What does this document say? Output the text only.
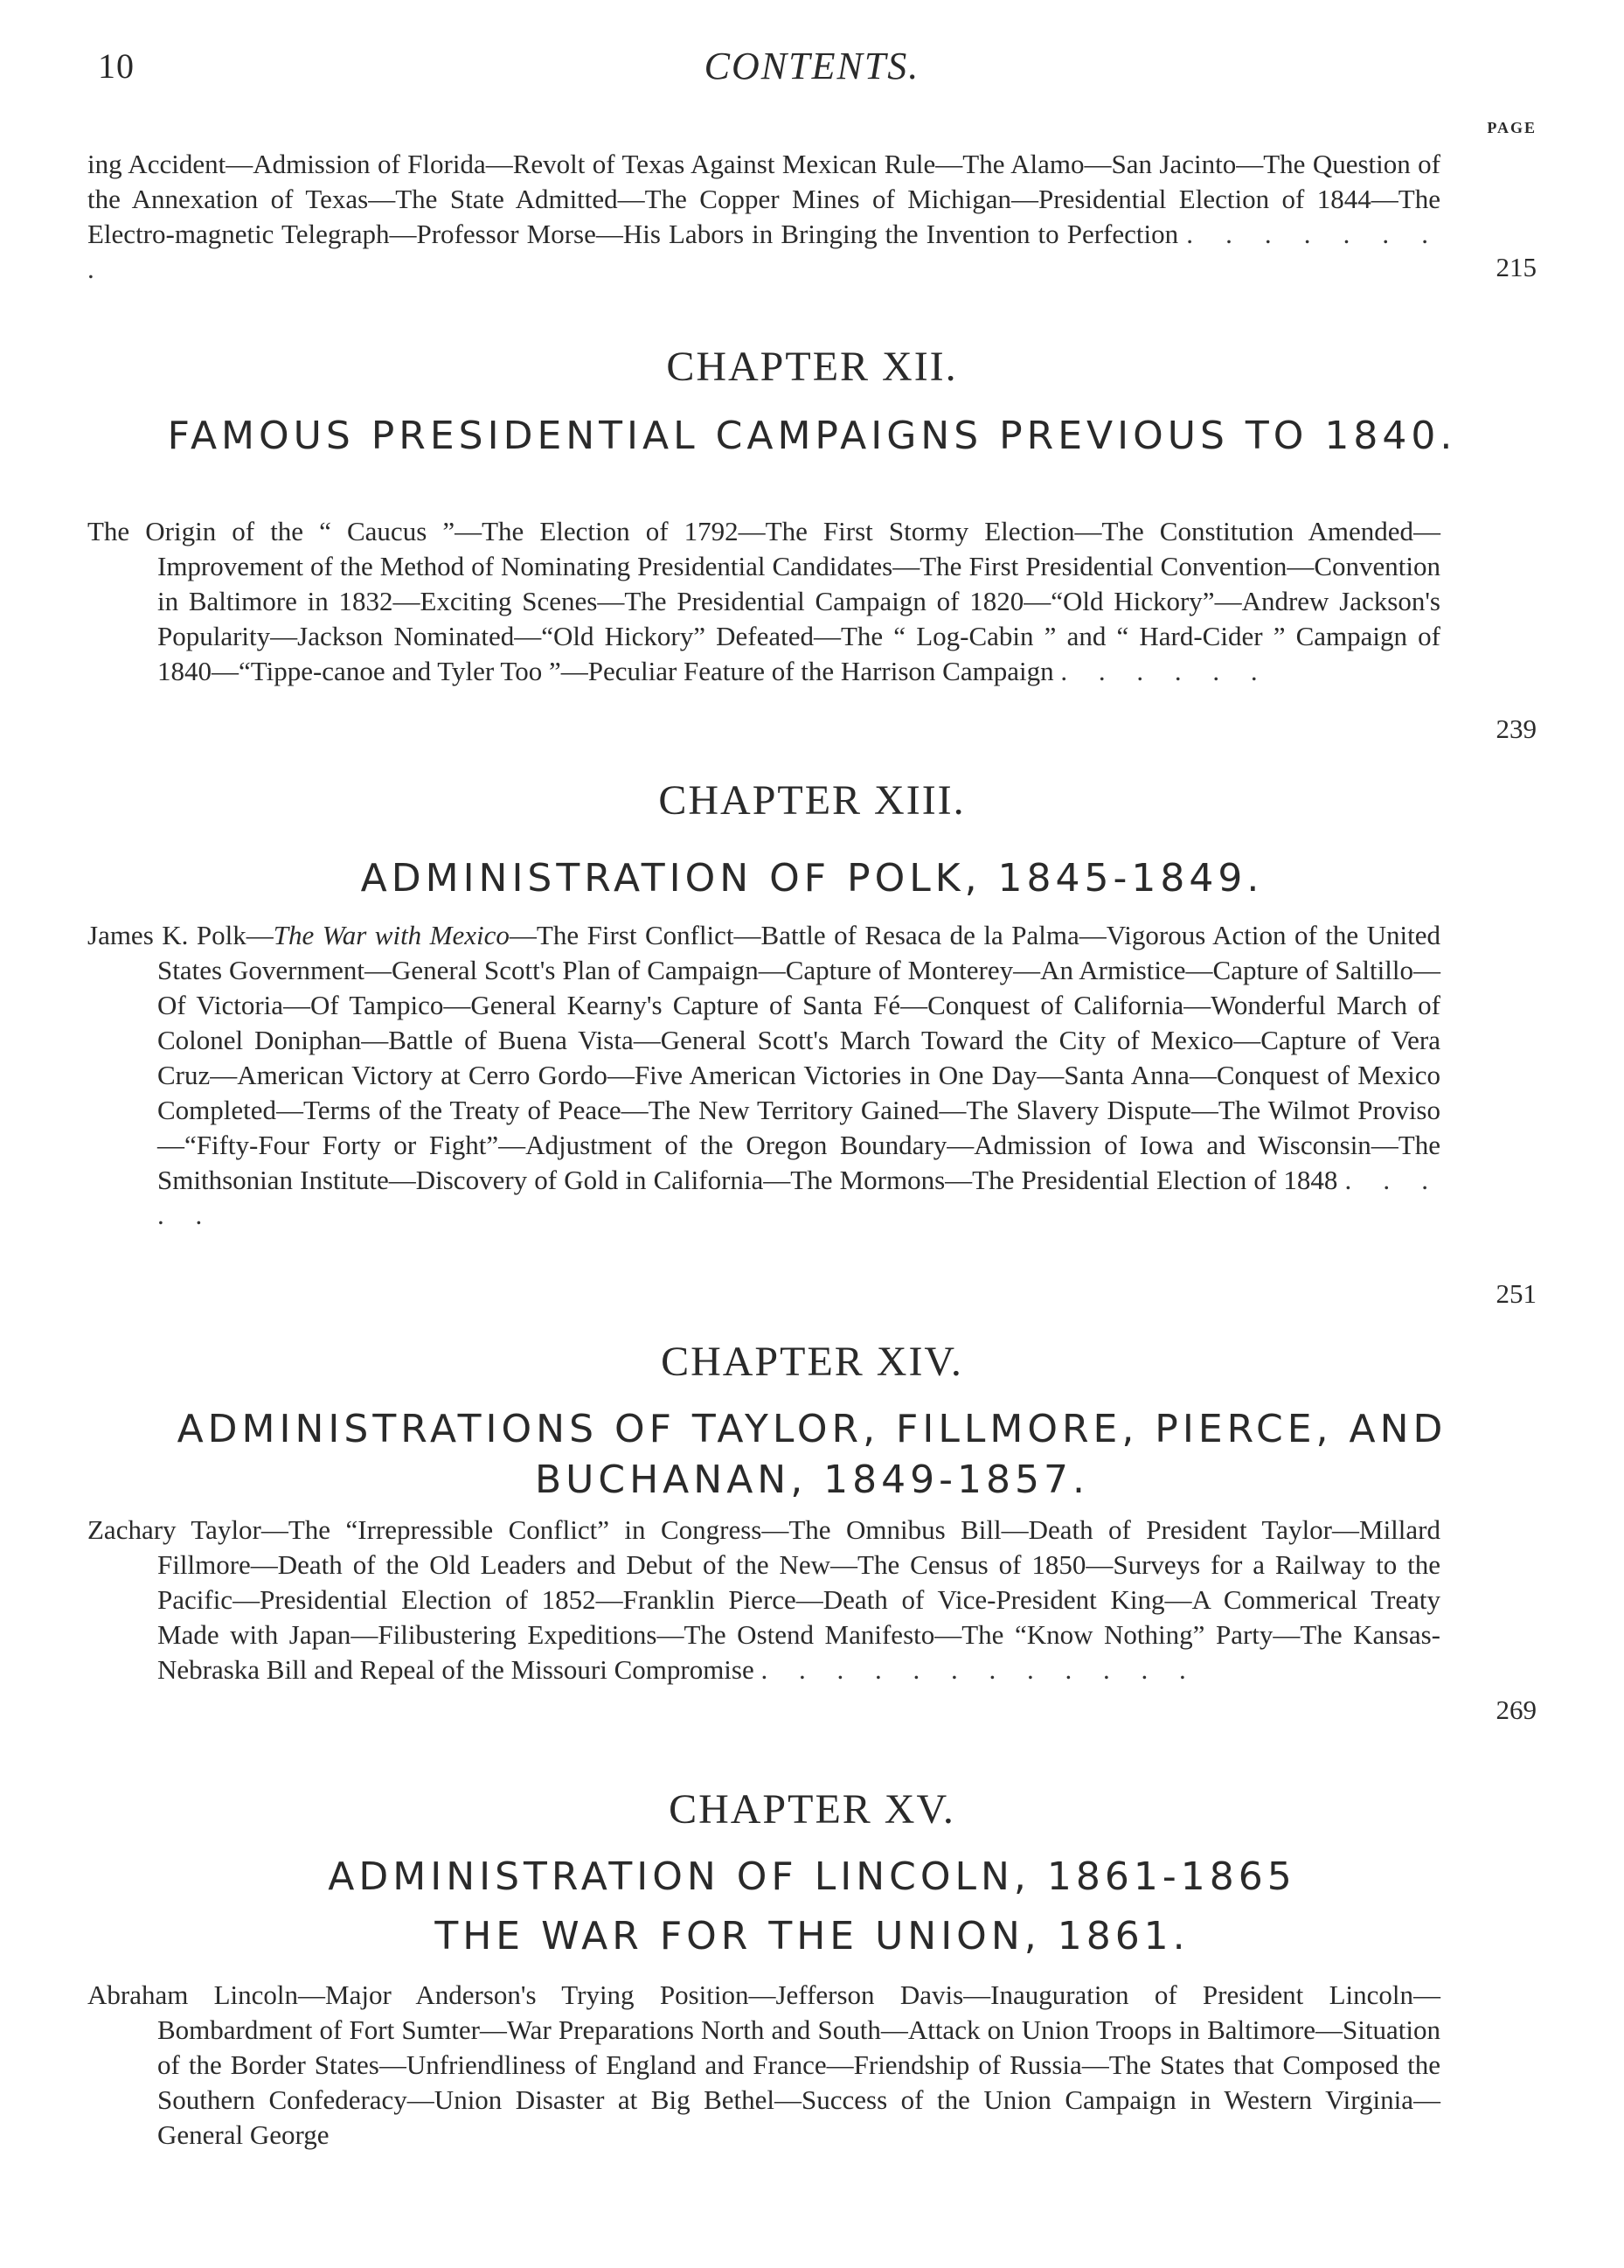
10	CONTENTS.
PAGE
ing Accident—Admission of Florida—Revolt of Texas Against Mexican Rule—The Alamo—San Jacinto—The Question of the Annexation of Texas—The State Admitted—The Copper Mines of Michigan—Presidential Election of 1844—The Electro-magnetic Telegraph—Professor Morse—His Labors in Bringing the Invention to Perfection . . . . . . . .	215
CHAPTER XII.
FAMOUS PRESIDENTIAL CAMPAIGNS PREVIOUS TO 1840.
The Origin of the “ Caucus ”—The Election of 1792—The First Stormy Election—The Constitution Amended—Improvement of the Method of Nominating Presidential Candidates—The First Presidential Convention—Convention in Baltimore in 1832—Exciting Scenes—The Presidential Campaign of 1820—“Old Hickory”—Andrew Jackson's Popularity—Jackson Nominated—“Old Hickory” Defeated—The “ Log-Cabin ” and “ Hard-Cider ” Campaign of 1840—“Tippe-canoe and Tyler Too ”—Peculiar Feature of the Harrison Campaign . . . . . .
239
CHAPTER XIII.
ADMINISTRATION OF POLK, 1845-1849.
James K. Polk—The War with Mexico—The First Conflict—Battle of Resaca de la Palma—Vigorous Action of the United States Government—General Scott's Plan of Campaign—Capture of Monterey—An Armistice—Capture of Saltillo—Of Victoria—Of Tampico—General Kearny's Capture of Santa Fé—Conquest of California—Wonderful March of Colonel Doniphan—Battle of Buena Vista—General Scott's March Toward the City of Mexico—Capture of Vera Cruz—American Victory at Cerro Gordo—Five American Victories in One Day—Santa Anna—Conquest of Mexico Completed—Terms of the Treaty of Peace—The New Territory Gained—The Slavery Dispute—The Wilmot Proviso—“Fifty-Four Forty or Fight”—Adjustment of the Oregon Boundary—Admission of Iowa and Wisconsin—The Smithsonian Institute—Discovery of Gold in California—The Mormons—The Presidential Election of 1848 . . . . .
251
CHAPTER XIV.
ADMINISTRATIONS OF TAYLOR, FILLMORE, PIERCE, AND BUCHANAN, 1849-1857.
Zachary Taylor—The “Irrepressible Conflict” in Congress—The Omnibus Bill—Death of President Taylor—Millard Fillmore—Death of the Old Leaders and Debut of the New—The Census of 1850—Surveys for a Railway to the Pacific—Presidential Election of 1852—Franklin Pierce—Death of Vice-President King—A Commerical Treaty Made with Japan—Filibustering Expeditions—The Ostend Manifesto—The “Know Nothing” Party—The Kansas-Nebraska Bill and Repeal of the Missouri Compromise . . . . . . . . . . . .
269
CHAPTER XV.
ADMINISTRATION OF LINCOLN, 1861-1865
THE WAR FOR THE UNION, 1861.
Abraham Lincoln—Major Anderson's Trying Position—Jefferson Davis—Inauguration of President Lincoln—Bombardment of Fort Sumter—War Preparations North and South—Attack on Union Troops in Baltimore—Situation of the Border States—Unfriendliness of England and France—Friendship of Russia—The States that Composed the Southern Confederacy—Union Disaster at Big Bethel—Success of the Union Campaign in Western Virginia—General George
